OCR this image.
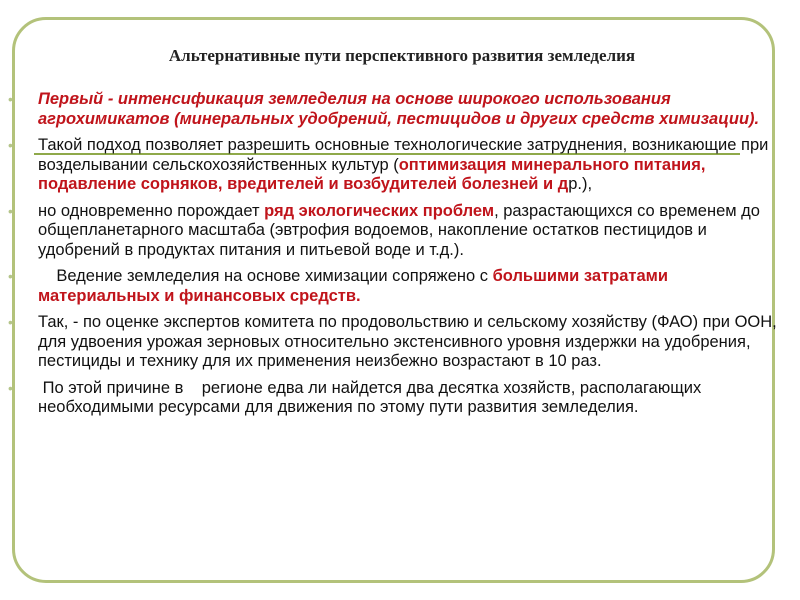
Альтернативные пути перспективного развития земледелия
• Первый - интенсификация земледелия на основе широкого использования агрохимикатов (минеральных удобрений, пестицидов и других средств химизации).
• Такой подход позволяет разрешить основные технологические затруднения, возникающие при возделывании сельскохозяйственных культур (оптимизация минерального питания, подавление сорняков, вредителей и возбудителей болезней и др.),
• но одновременно порождает ряд экологических проблем, разрастающихся со временем до общепланетарного масштаба (эвтрофия водоемов, накопление остатков пестицидов и удобрений в продуктах питания и питьевой воде и т.д.).
• Ведение земледелия на основе химизации сопряжено с большими затратами материальных и финансовых средств.
• Так, - по оценке экспертов комитета по продовольствию и сельскому хозяйству (ФАО) при ООН, для удвоения урожая зерновых относительно экстенсивного уровня издержки на удобрения, пестициды и технику для их применения неизбежно возрастают в 10 раз.
• По этой причине в    регионе едва ли найдется два десятка хозяйств, располагающих необходимыми ресурсами для движения по этому пути развития земледелия.
